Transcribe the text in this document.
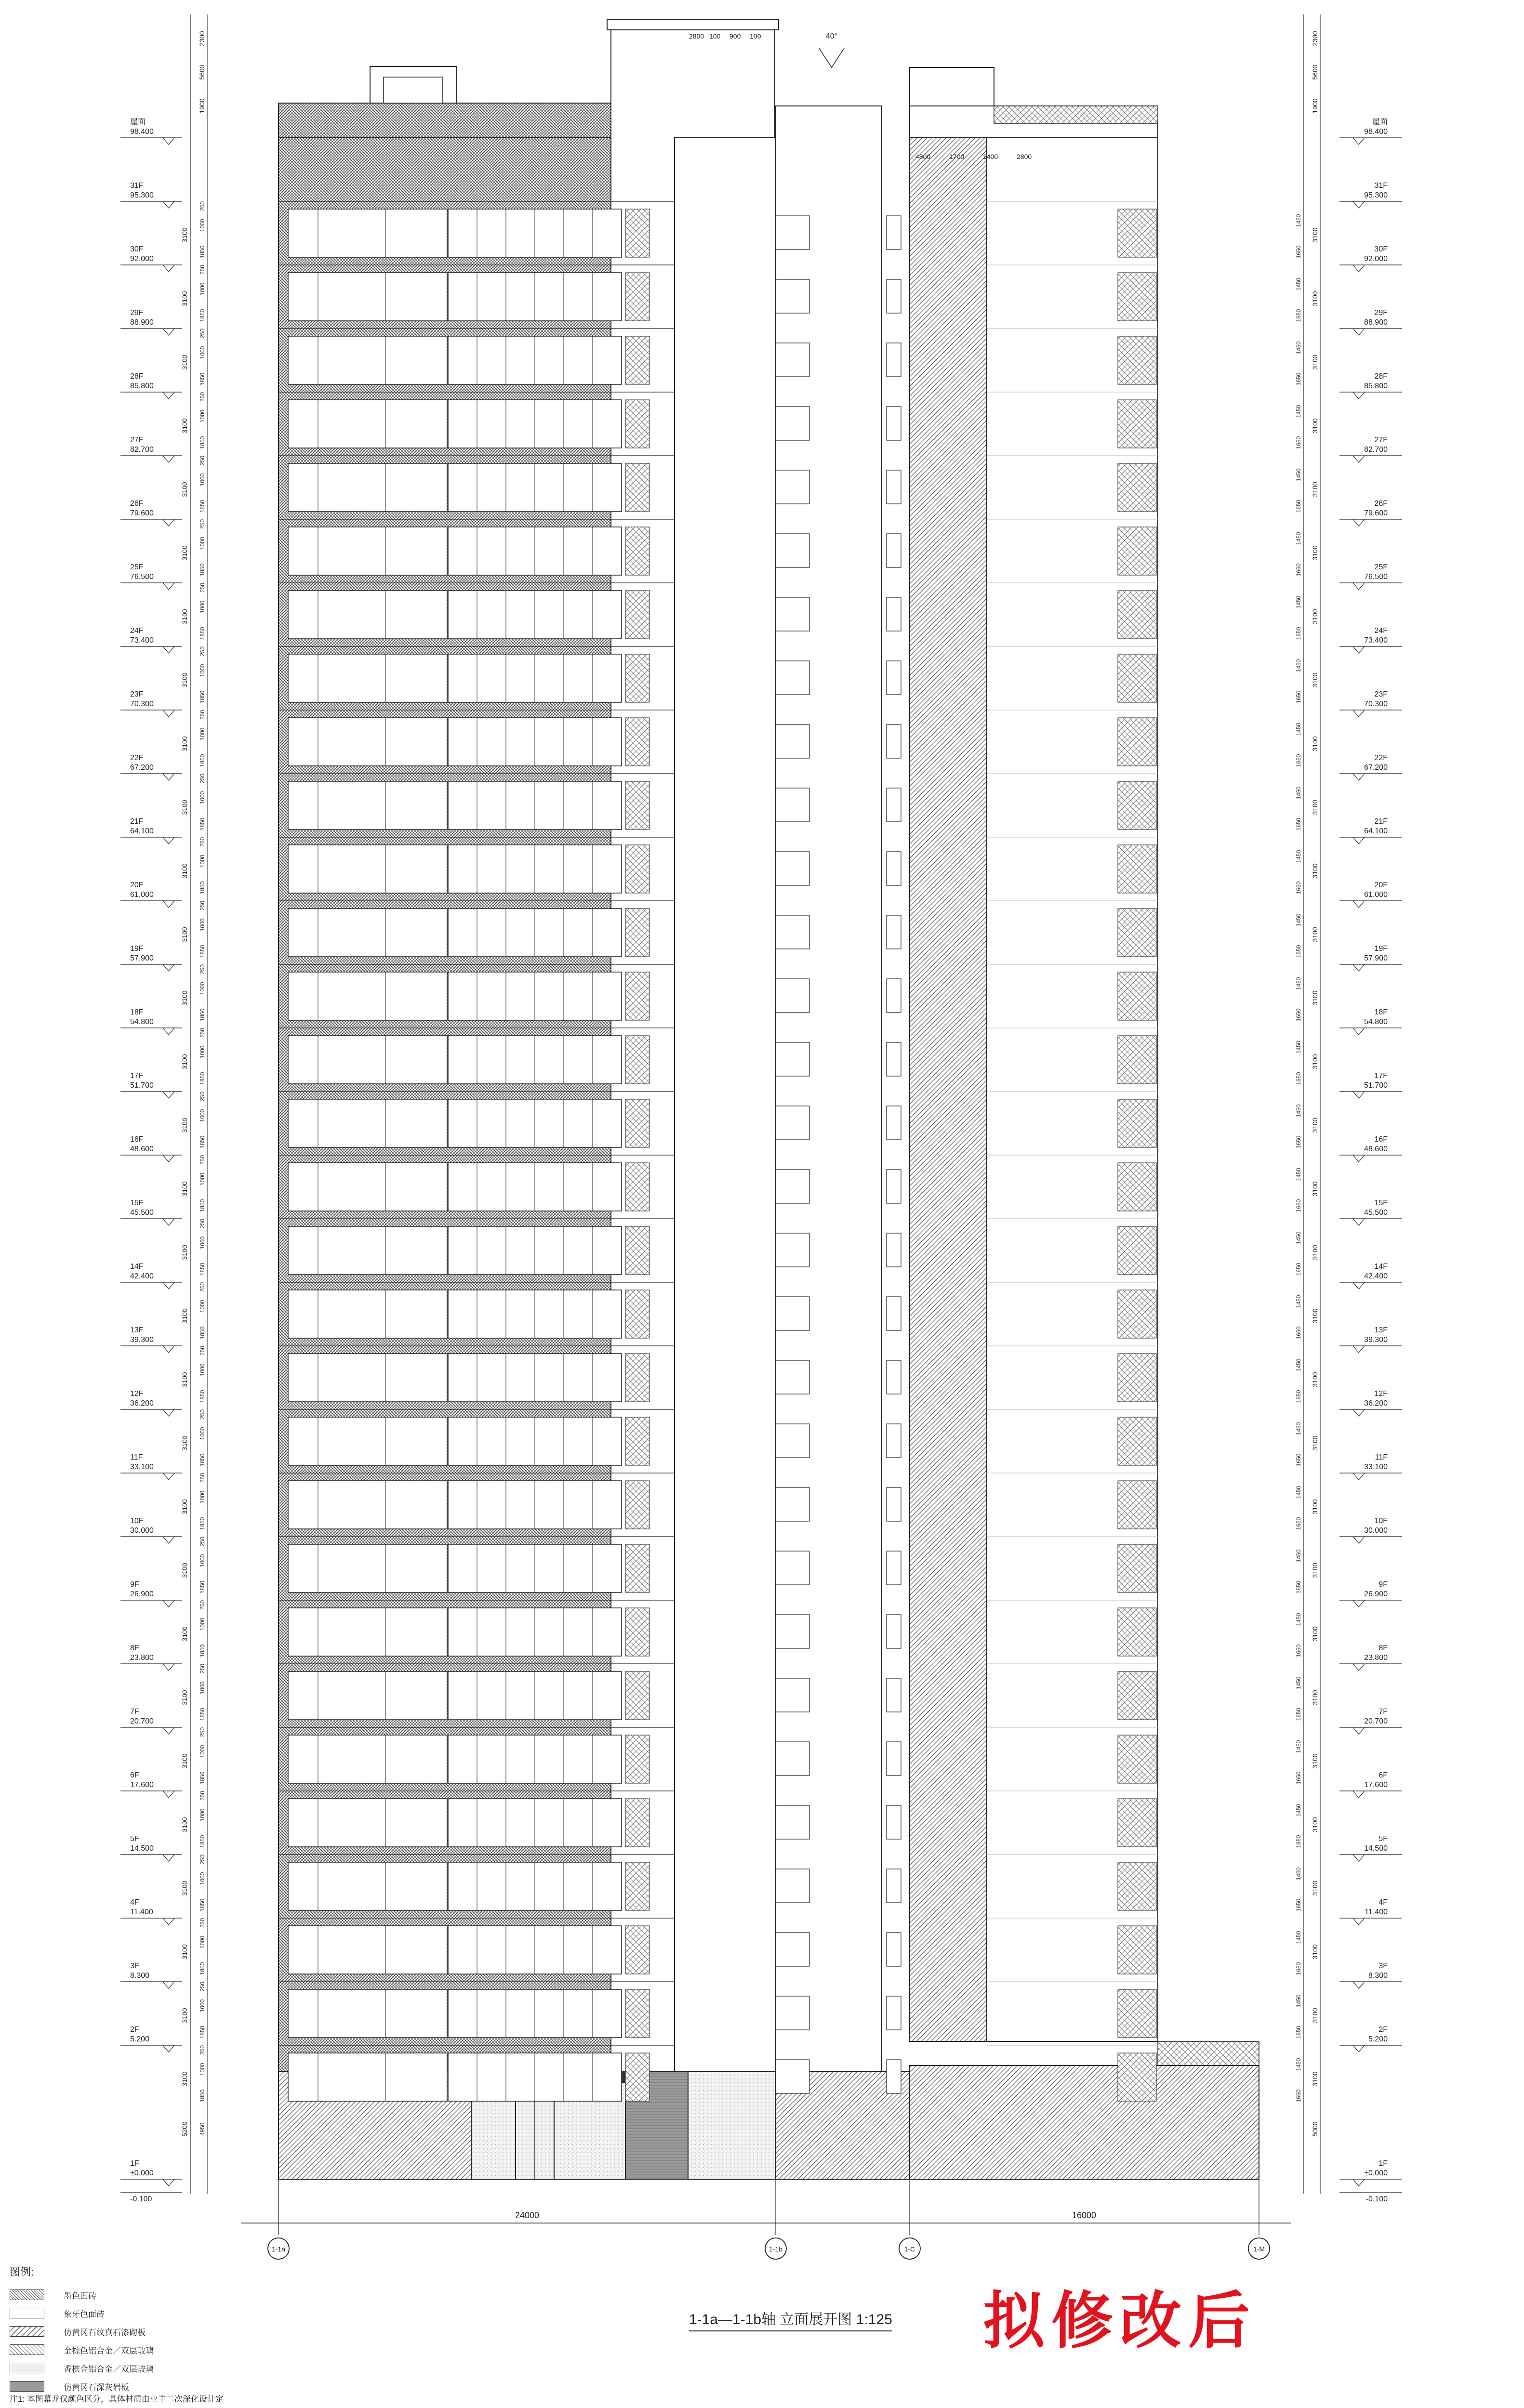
屋面
98.400
屋面
98.400
31F
95.300
31F
95.300
30F
92.000
30F
92.000
29F
88.900
29F
88.900
28F
85.800
28F
85.800
27F
82.700
27F
82.700
26F
79.600
26F
79.600
25F
76.500
25F
76.500
24F
73.400
24F
73.400
23F
70.300
23F
70.300
22F
67.200
22F
67.200
21F
64.100
21F
64.100
20F
61.000
20F
61.000
19F
57.900
19F
57.900
18F
54.800
18F
54.800
17F
51.700
17F
51.700
16F
48.600
16F
48.600
15F
45.500
15F
45.500
14F
42.400
14F
42.400
13F
39.300
13F
39.300
12F
36.200
12F
36.200
11F
33.100
11F
33.100
10F
30.000
10F
30.000
9F
26.900
9F
26.900
8F
23.800
8F
23.800
7F
20.700
7F
20.700
6F
17.600
6F
17.600
5F
14.500
5F
14.500
4F
11.400
4F
11.400
3F
8.300
3F
8.300
2F
5.200
2F
5.200
1F
±0.000
1F
±0.000
-0.100	-0.100
3100
250
1000
1850
3100
1450
1650
3100
250
1000
1850
3100
1450
1650
3100
250
1000
1850
3100
1450
1650
3100
250
1000
1850
3100
1450
1650
3100
250
1000
1850
3100
1450
1650
3100
250
1000
1850
3100
1450
1650
3100
250
1000
1850
3100
1450
1650
3100
250
1000
1850
3100
1450
1650
3100
250
1000
1850
3100
1450
1650
3100
250
1000
1850
3100
1450
1650
3100
250
1000
1850
3100
1450
1650
3100
250
1000
1850
3100
1450
1650
3100
250
1000
1850
3100
1450
1650
3100
250
1000
1850
3100
1450
1650
3100
250
1000
1850
3100
1450
1650
3100
250
1000
1850
3100
1450
1650
3100
250
1000
1850
3100
1450
1650
3100
250
1000
1850
3100
1450
1650
3100
250
1000
1850
3100
1450
1650
3100
250
1000
1850
3100
1450
1650
3100
250
1000
1850
3100
1450
1650
3100
250
1000
1850
3100
1450
1650
3100
250
1000
1850
3100
1450
1650
3100
250
1000
1850
3100
1450
1650
3100
250
1000
1850
3100
1450
1650
3100
250
1000
1850
3100
1450
1650
3100
250
1000
1850
3100
1450
1650
3100
250
1000
1850
3100
1450
1650
3100
250
1000
1850
3100
1450
1650
3100
250
1000
1850
3100
1450
1650
5200 4950	5000
2300	2300
5600	5600
1900	1900
40°
2800 100 900 100
4800	1700	1400	2800
1-1a	1-1b	1-C	1-M
24000	16000
1-1a—1-1b轴 立面展开图 1:125 拟修改后
图例:
墨色面砖
象牙色面砖
仿黄冈石纹真石漆砌板
金棕色铝合金／双层玻璃
香槟金铝合金／双层玻璃
仿黄冈石深灰岩板
注1: 本图幕龙仅颜色区分，具体材质由业主二次深化设计定
